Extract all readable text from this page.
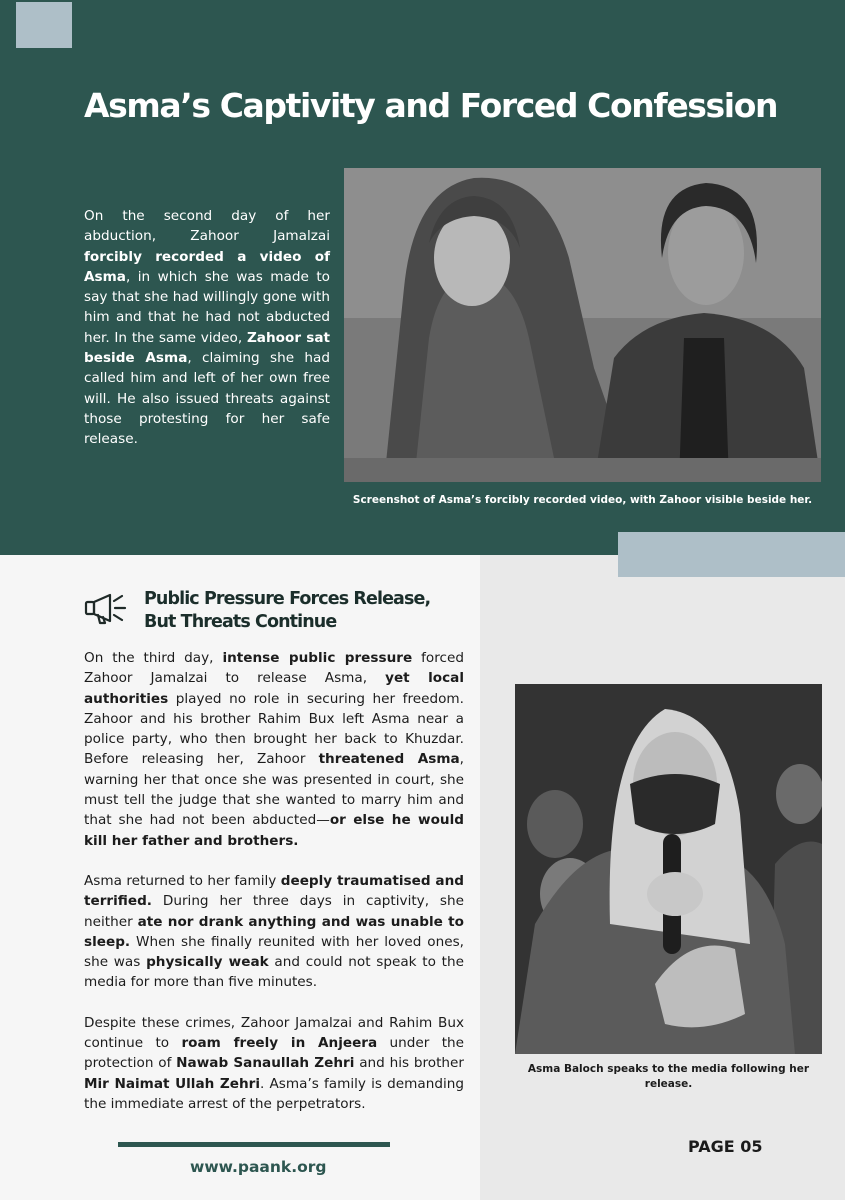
Asma’s Captivity and Forced Confession

On the second day of her abduction, Zahoor Jamalzai forcibly recorded a video of Asma, in which she was made to say that she had willingly gone with him and that he had not abducted her. In the same video, Zahoor sat beside Asma, claiming she had called him and left of her own free will. He also issued threats against those protesting for her safe release.

Screenshot of Asma’s forcibly recorded video, with Zahoor visible beside her.

Public Pressure Forces Release,
But Threats Continue

On the third day, intense public pressure forced Zahoor Jamalzai to release Asma, yet local authorities played no role in securing her freedom. Zahoor and his brother Rahim Bux left Asma near a police party, who then brought her back to Khuzdar. Before releasing her, Zahoor threatened Asma, warning her that once she was presented in court, she must tell the judge that she wanted to marry him and that she had not been abducted—or else he would kill her father and brothers.

Asma returned to her family deeply traumatised and terrified. During her three days in captivity, she neither ate nor drank anything and was unable to sleep. When she finally reunited with her loved ones, she was physically weak and could not speak to the media for more than five minutes.

Despite these crimes, Zahoor Jamalzai and Rahim Bux continue to roam freely in Anjeera under the protection of Nawab Sanaullah Zehri and his brother Mir Naimat Ullah Zehri. Asma’s family is demanding the immediate arrest of the perpetrators.

Asma Baloch speaks to the media following her release.

www.paank.org

PAGE 05
